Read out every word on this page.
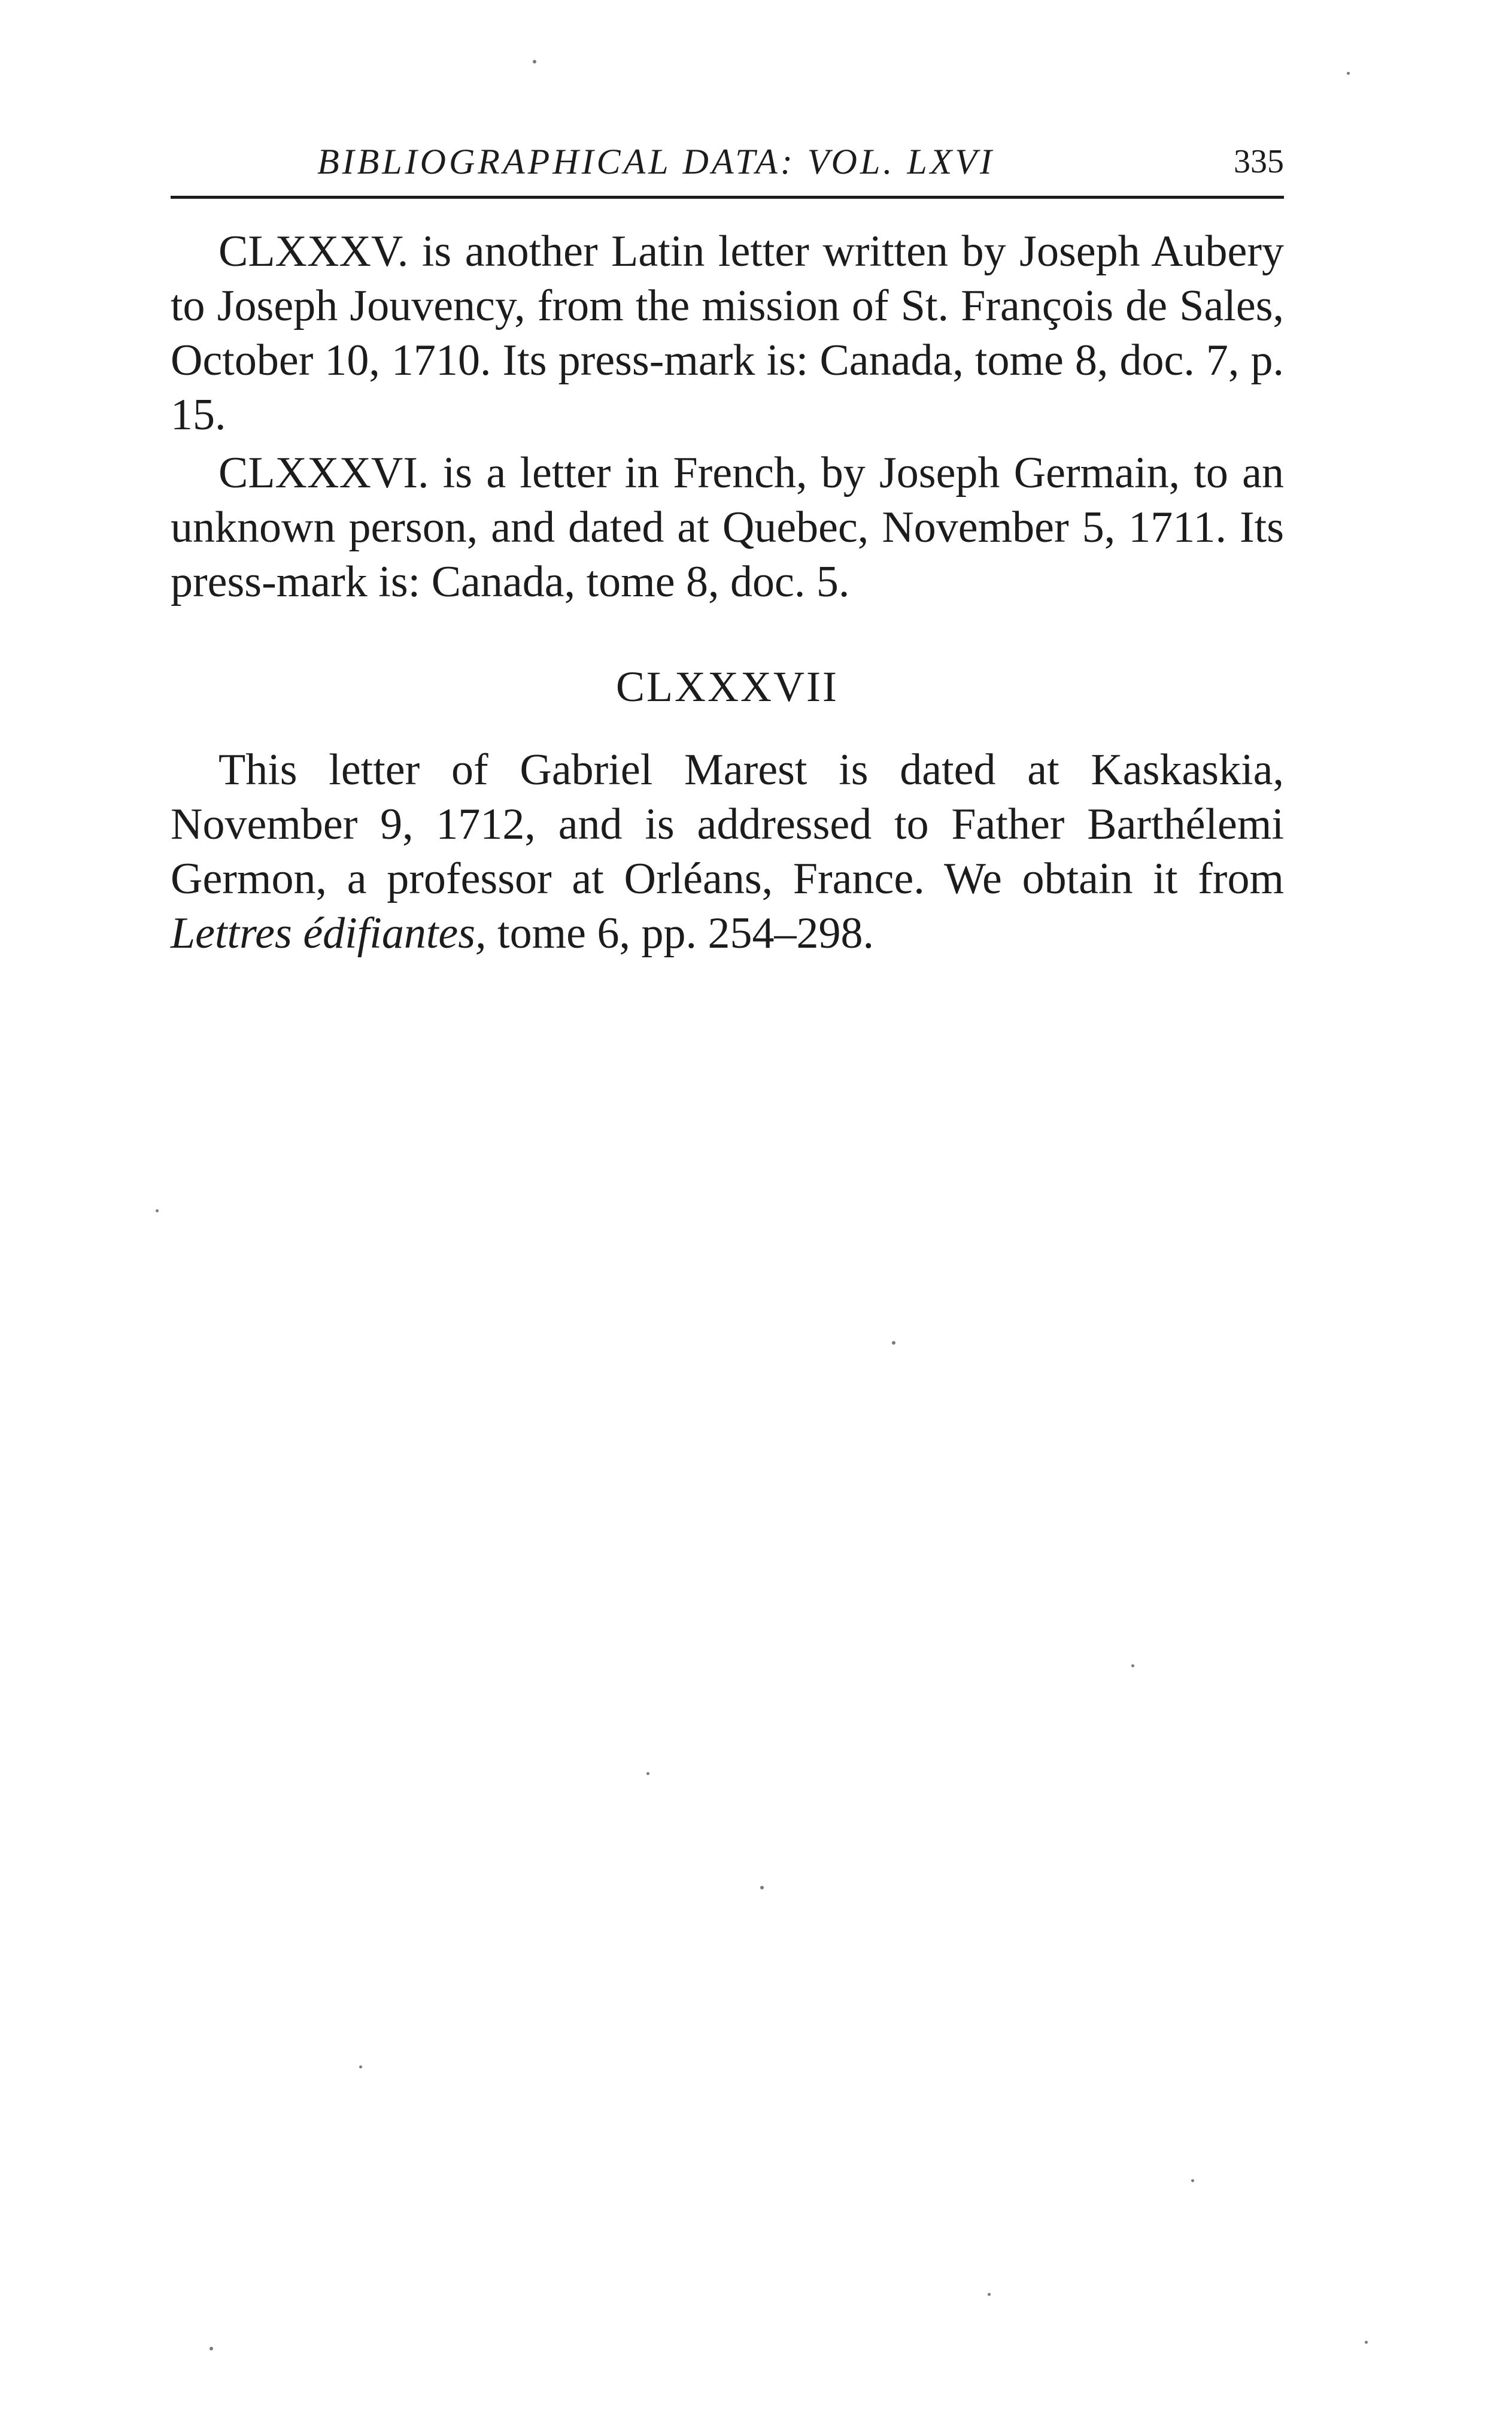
BIBLIOGRAPHICAL DATA: VOL. LXVI	335

CLXXXV. is another Latin letter written by Joseph Aubery to Joseph Jouvency, from the mission of St. François de Sales, October 10, 1710. Its press-mark is: Canada, tome 8, doc. 7, p. 15.

CLXXXVI. is a letter in French, by Joseph Germain, to an unknown person, and dated at Quebec, November 5, 1711. Its press-mark is: Canada, tome 8, doc. 5.

CLXXXVII

This letter of Gabriel Marest is dated at Kaskaskia, November 9, 1712, and is addressed to Father Barthélemi Germon, a professor at Orléans, France. We obtain it from Lettres édifiantes, tome 6, pp. 254–298.
